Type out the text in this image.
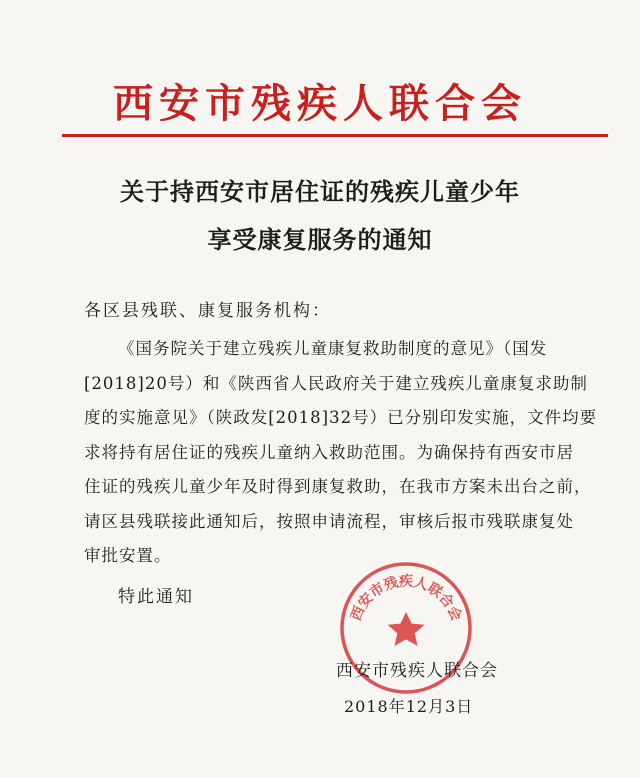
西安市残疾人联合会
关于持西安市居住证的残疾儿童少年
享受康复服务的通知
各区县残联、康复服务机构：
《国务院关于建立残疾儿童康复救助制度的意见》（国发
[2018]20号）和《陕西省人民政府关于建立残疾儿童康复求助制
度的实施意见》（陕政发[2018]32号）已分别印发实施，文件均要
求将持有居住证的残疾儿童纳入救助范围。为确保持有西安市居
住证的残疾儿童少年及时得到康复救助，在我市方案未出台之前，
请区县残联接此通知后，按照申请流程，审核后报市残联康复处
审批安置。
特此通知
西安市残疾人联合会
西安市残疾人联合会
2018年12月3日
